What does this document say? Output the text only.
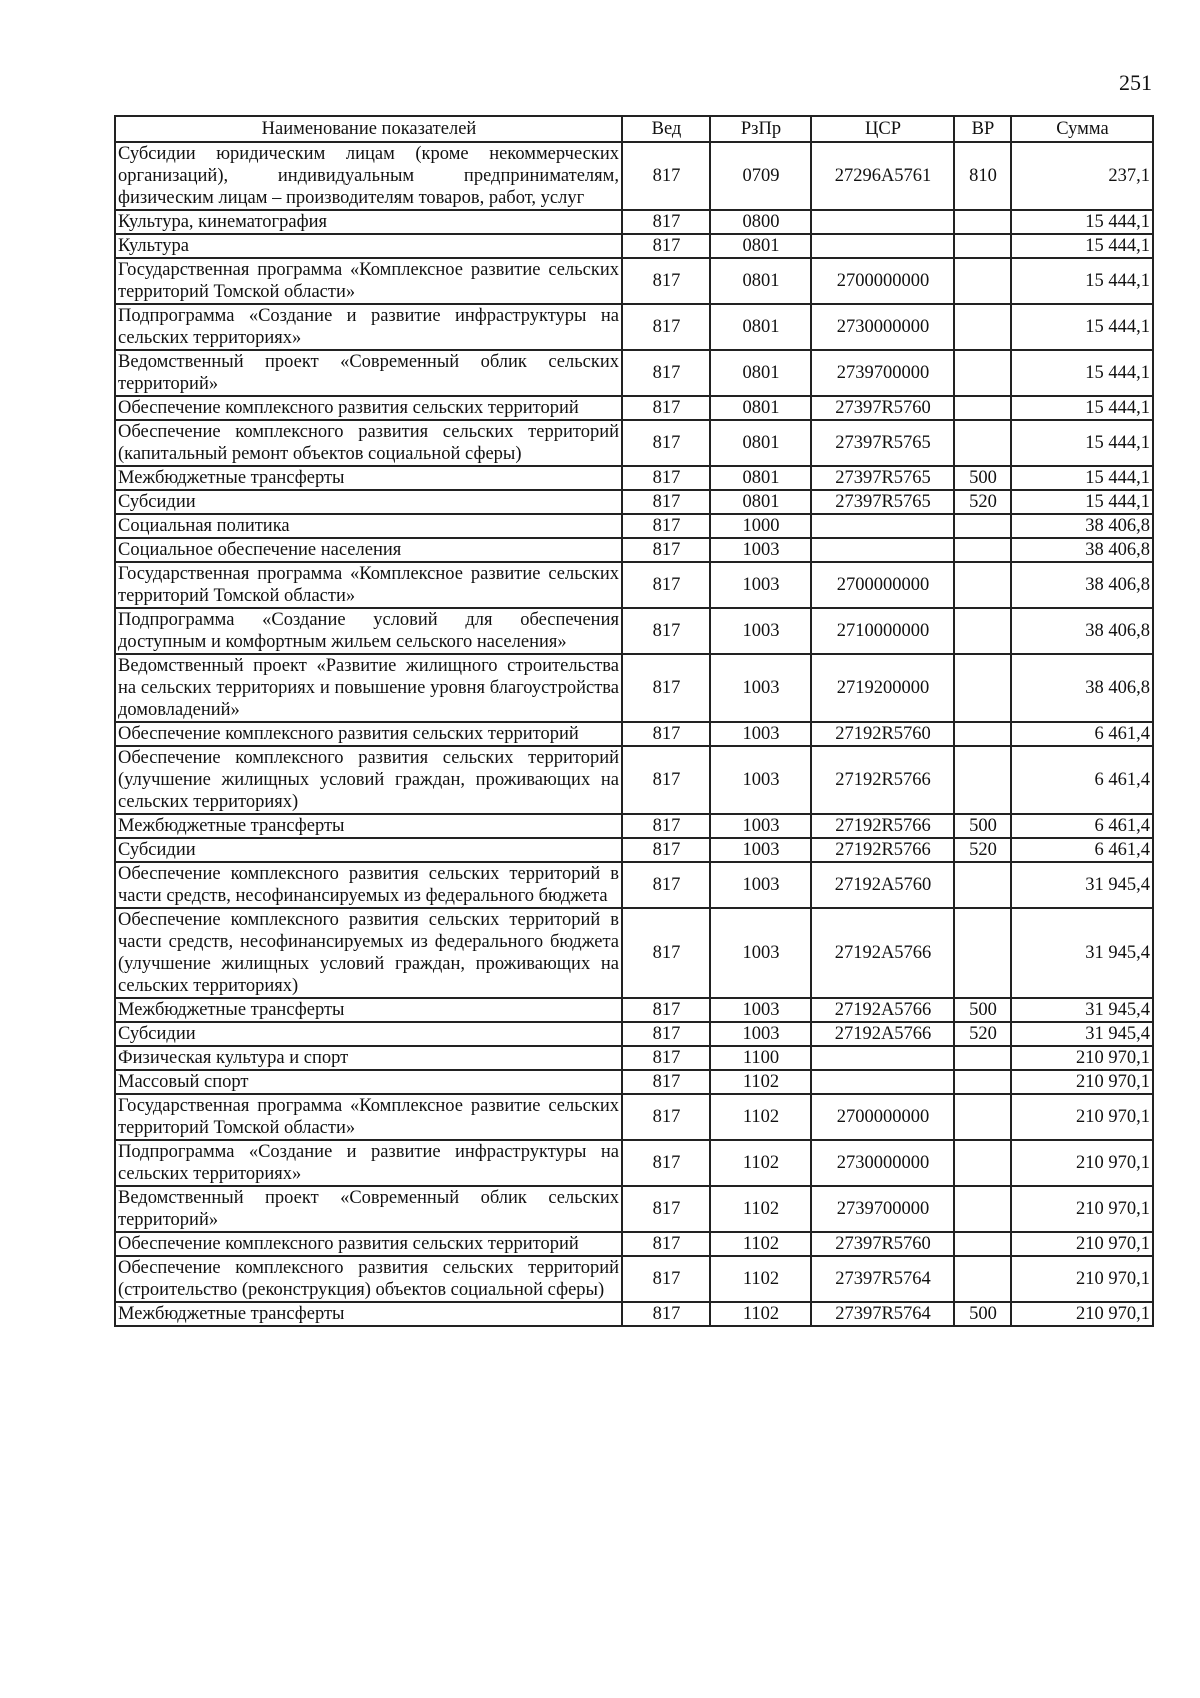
251
Наименование показателей	Вед	РзПр	ЦСР	ВР	Сумма
Субсидии юридическим лицам (кроме некоммерческих организаций), индивидуальным предпринимателям, физическим лицам – производителям товаров, работ, услуг	817	0709	27296A5761	810	237,1
Культура, кинематография	817	0800			15 444,1
Культура	817	0801			15 444,1
Государственная программа «Комплексное развитие сельских территорий Томской области»	817	0801	2700000000		15 444,1
Подпрограмма «Создание и развитие инфраструктуры на сельских территориях»	817	0801	2730000000		15 444,1
Ведомственный проект «Современный облик сельских территорий»	817	0801	2739700000		15 444,1
Обеспечение комплексного развития сельских территорий	817	0801	27397R5760		15 444,1
Обеспечение комплексного развития сельских территорий (капитальный ремонт объектов социальной сферы)	817	0801	27397R5765		15 444,1
Межбюджетные трансферты	817	0801	27397R5765	500	15 444,1
Субсидии	817	0801	27397R5765	520	15 444,1
Социальная политика	817	1000			38 406,8
Социальное обеспечение населения	817	1003			38 406,8
Государственная программа «Комплексное развитие сельских территорий Томской области»	817	1003	2700000000		38 406,8
Подпрограмма «Создание условий для обеспечения доступным и комфортным жильем сельского населения»	817	1003	2710000000		38 406,8
Ведомственный проект «Развитие жилищного строительства на сельских территориях и повышение уровня благоустройства домовладений»	817	1003	2719200000		38 406,8
Обеспечение комплексного развития сельских территорий	817	1003	27192R5760		6 461,4
Обеспечение комплексного развития сельских территорий (улучшение жилищных условий граждан, проживающих на сельских территориях)	817	1003	27192R5766		6 461,4
Межбюджетные трансферты	817	1003	27192R5766	500	6 461,4
Субсидии	817	1003	27192R5766	520	6 461,4
Обеспечение комплексного развития сельских территорий в части средств, несофинансируемых из федерального бюджета	817	1003	27192A5760		31 945,4
Обеспечение комплексного развития сельских территорий в части средств, несофинансируемых из федерального бюджета (улучшение жилищных условий граждан, проживающих на сельских территориях)	817	1003	27192A5766		31 945,4
Межбюджетные трансферты	817	1003	27192A5766	500	31 945,4
Субсидии	817	1003	27192A5766	520	31 945,4
Физическая культура и спорт	817	1100			210 970,1
Массовый спорт	817	1102			210 970,1
Государственная программа «Комплексное развитие сельских территорий Томской области»	817	1102	2700000000		210 970,1
Подпрограмма «Создание и развитие инфраструктуры на сельских территориях»	817	1102	2730000000		210 970,1
Ведомственный проект «Современный облик сельских территорий»	817	1102	2739700000		210 970,1
Обеспечение комплексного развития сельских территорий	817	1102	27397R5760		210 970,1
Обеспечение комплексного развития сельских территорий (строительство (реконструкция) объектов социальной сферы)	817	1102	27397R5764		210 970,1
Межбюджетные трансферты	817	1102	27397R5764	500	210 970,1
